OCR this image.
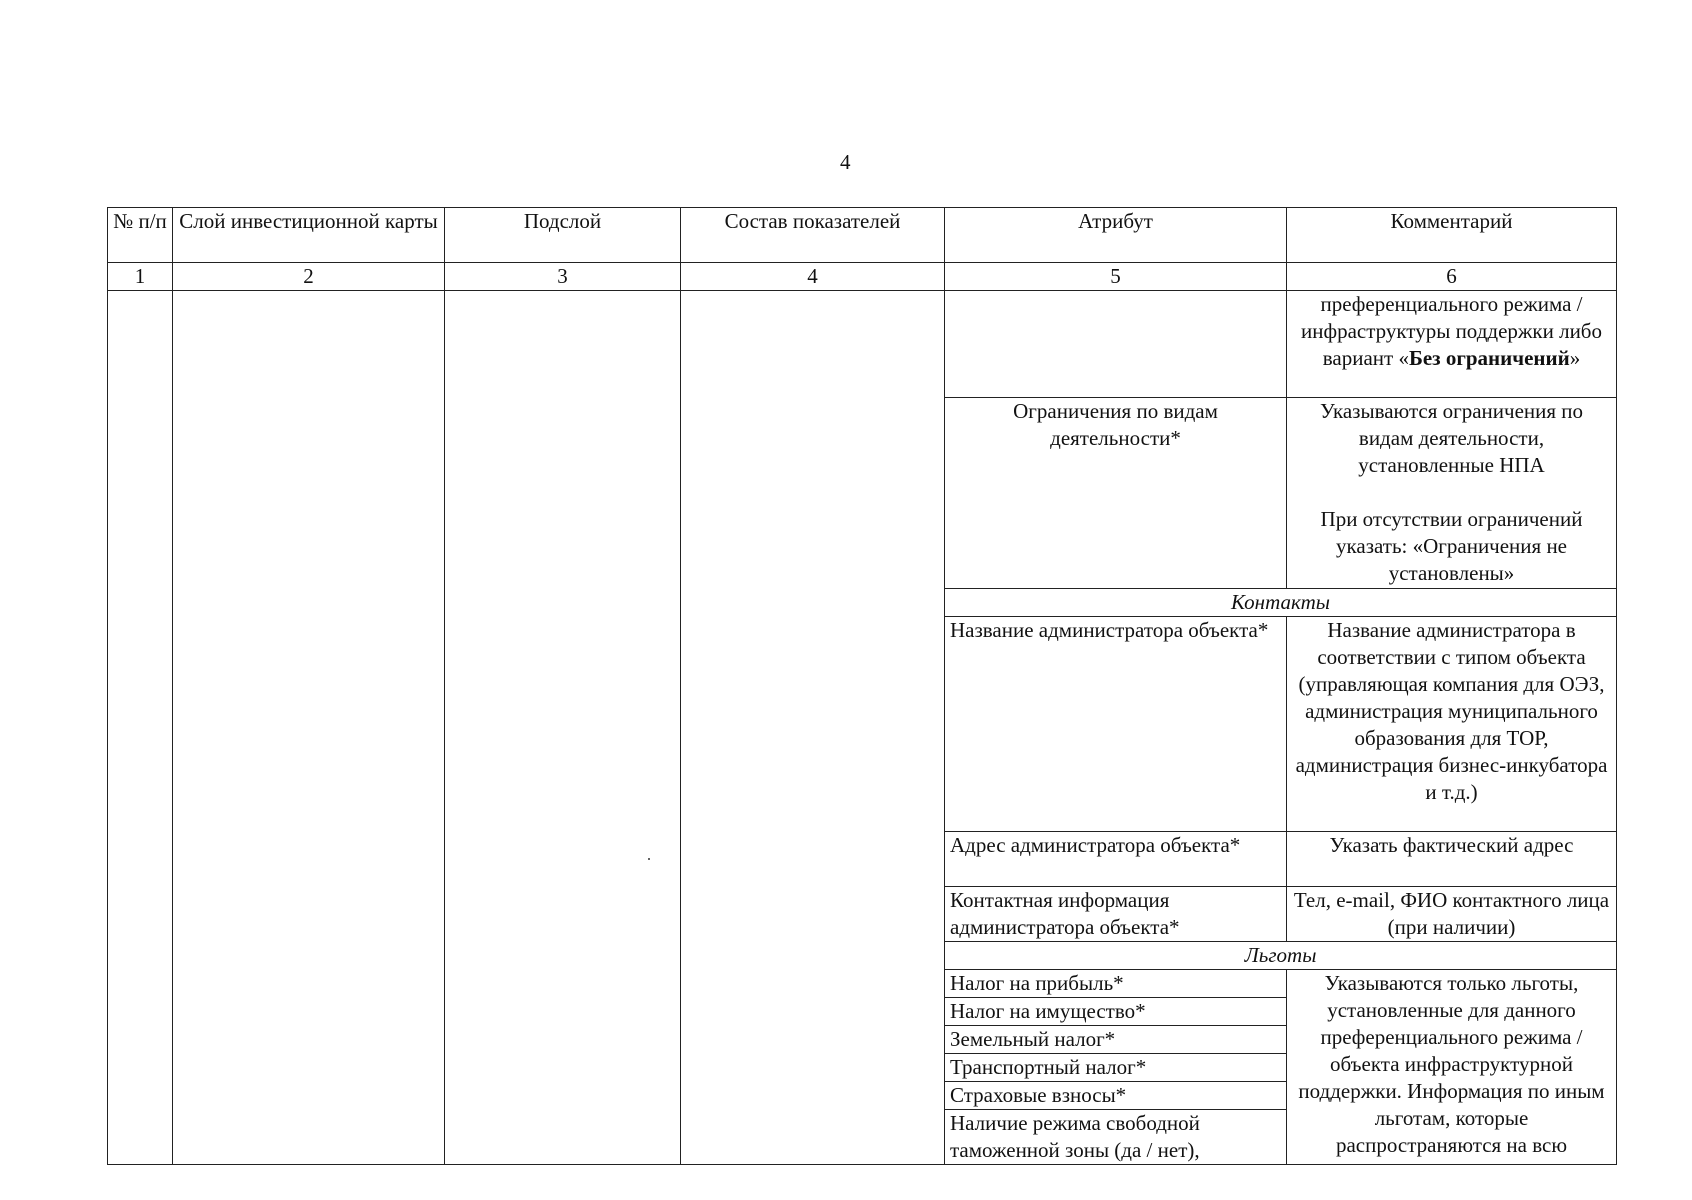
4
№ п/п	Слой инвестиционной карты	Подслой	Состав показателей	Атрибут	Комментарий
1	2	3	4	5	6
					преференциального режима / инфраструктуры поддержки либо вариант «Без ограничений»
				Ограничения по видам деятельности*	Указываются ограничения по видам деятельности, установленные НПА
При отсутствии ограничений указать: «Ограничения не установлены»

				Контакты	
				Название администратора объекта*	Название администратора в соответствии с типом объекта (управляющая компания для ОЭЗ, администрация муниципального образования для ТОР, администрация бизнес-инкубатора и т.д.)
				Адрес администратора объекта*	Указать фактический адрес
				Контактная информация администратора объекта*	Тел, e-mail, ФИО контактного лица (при наличии)
				Льготы	
				Налог на прибыль*	Указываются только льготы, установленные для данного преференциального режима / объекта инфраструктурной поддержки. Информация по иным льготам, которые распространяются на всю
				Налог на имущество*	
				Земельный налог*	
				Транспортный налог*	
				Страховые взносы*	
				Наличие режима свободной таможенной зоны (да / нет),	
